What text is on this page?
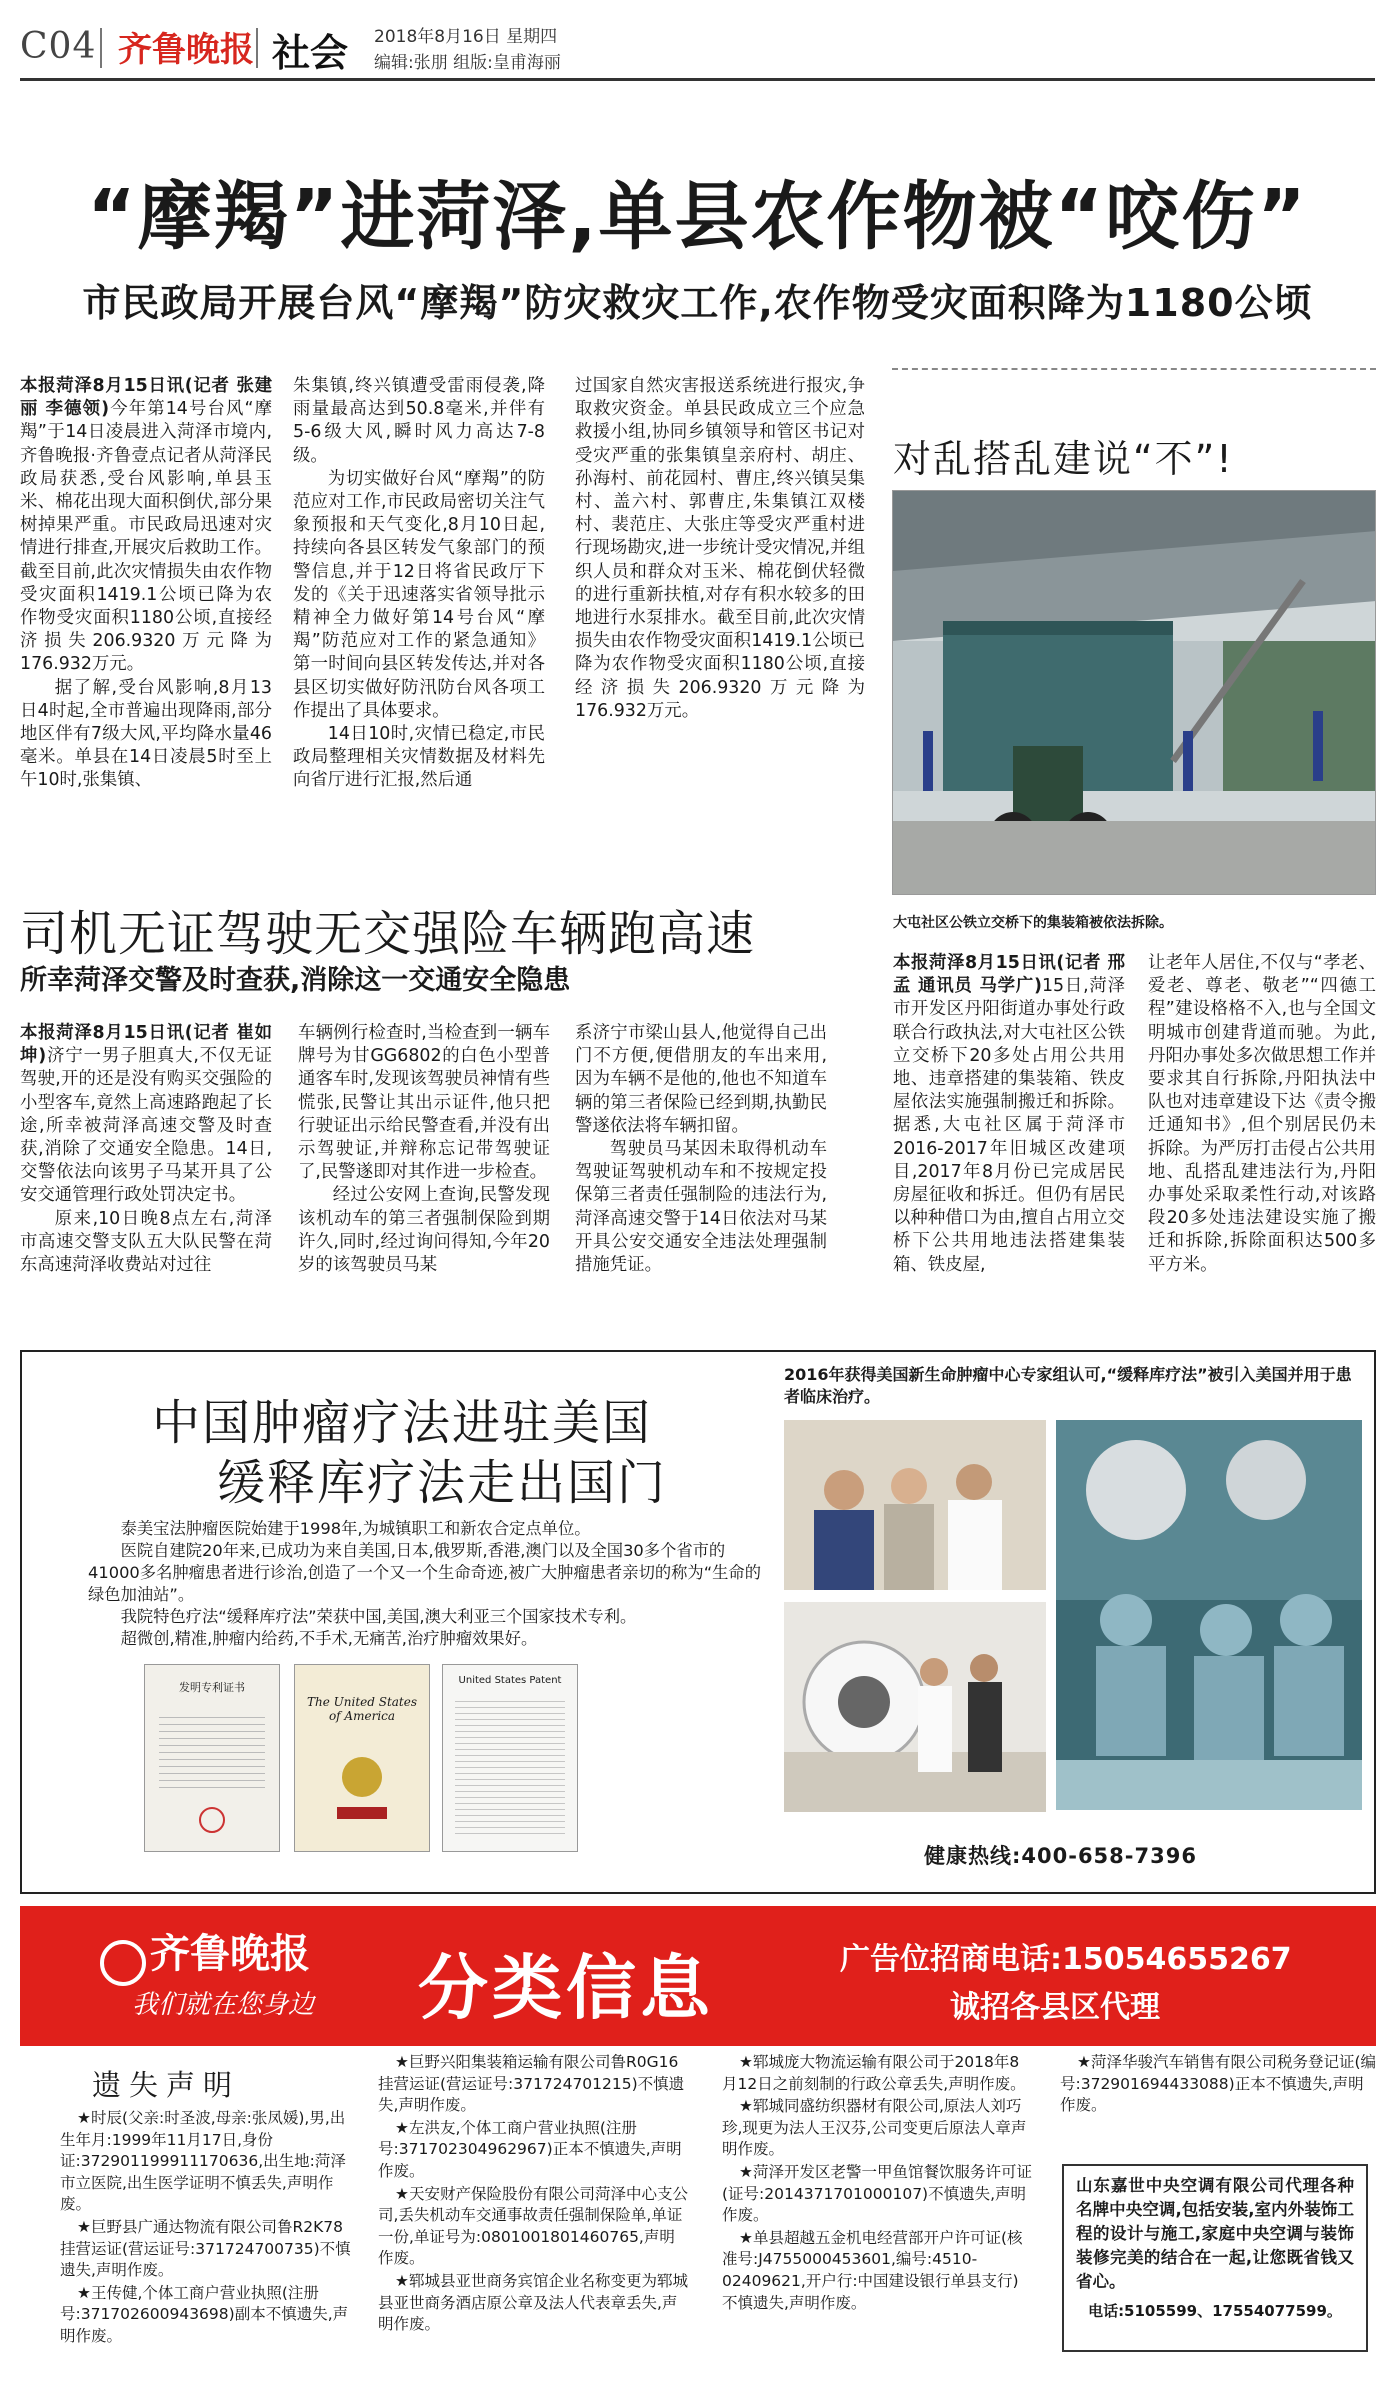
C04 齐鲁晚报 社会 2018年8月16日 星期四
编辑:张朋 组版:皇甫海丽
“摩羯”进菏泽,单县农作物被“咬伤”
市民政局开展台风“摩羯”防灾救灾工作,农作物受灾面积降为1180公顷

本报菏泽8月15日讯(记者 张建丽 李德领)今年第14号台风“摩羯”于14日凌晨进入菏泽市境内,齐鲁晚报·齐鲁壹点记者从菏泽民政局获悉,受台风影响,单县玉米、棉花出现大面积倒伏,部分果树掉果严重。市民政局迅速对灾情进行排查,开展灾后救助工作。截至目前,此次灾情损失由农作物受灾面积1419.1公顷已降为农作物受灾面积1180公顷,直接经济损失206.9320万元降为176.932万元。

据了解,受台风影响,8月13日4时起,全市普遍出现降雨,部分地区伴有7级大风,平均降水量46毫米。单县在14日凌晨5时至上午10时,张集镇、

朱集镇,终兴镇遭受雷雨侵袭,降雨量最高达到50.8毫米,并伴有5-6级大风,瞬时风力高达7-8级。

为切实做好台风“摩羯”的防范应对工作,市民政局密切关注气象预报和天气变化,8月10日起,持续向各县区转发气象部门的预警信息,并于12日将省民政厅下发的《关于迅速落实省领导批示精神全力做好第14号台风“摩羯”防范应对工作的紧急通知》第一时间向县区转发传达,并对各县区切实做好防汛防台风各项工作提出了具体要求。

14日10时,灾情已稳定,市民政局整理相关灾情数据及材料先向省厅进行汇报,然后通

过国家自然灾害报送系统进行报灾,争取救灾资金。单县民政成立三个应急救援小组,协同乡镇领导和管区书记对受灾严重的张集镇皇亲府村、胡庄、孙海村、前花园村、曹庄,终兴镇吴集村、盖六村、郭曹庄,朱集镇江双楼村、裴范庄、大张庄等受灾严重村进行现场勘灾,进一步统计受灾情况,并组织人员和群众对玉米、棉花倒伏轻微的进行重新扶植,对存有积水较多的田地进行水泵排水。截至目前,此次灾情损失由农作物受灾面积1419.1公顷已降为农作物受灾面积1180公顷,直接经济损失206.9320万元降为176.932万元。

对乱搭乱建说“不”!
大屯社区公铁立交桥下的集装箱被依法拆除。

本报菏泽8月15日讯(记者 邢孟 通讯员 马学广)15日,菏泽市开发区丹阳街道办事处行政联合行政执法,对大屯社区公铁立交桥下20多处占用公共用地、违章搭建的集装箱、铁皮屋依法实施强制搬迁和拆除。据悉,大屯社区属于菏泽市2016-2017年旧城区改建项目,2017年8月份已完成居民房屋征收和拆迁。但仍有居民以种种借口为由,擅自占用立交桥下公共用地违法搭建集装箱、铁皮屋,

让老年人居住,不仅与“孝老、爱老、尊老、敬老”“四德工程”建设格格不入,也与全国文明城市创建背道而驰。为此,丹阳办事处多次做思想工作并要求其自行拆除,丹阳执法中队也对违章建设下达《责令搬迁通知书》,但个别居民仍未拆除。为严厉打击侵占公共用地、乱搭乱建违法行为,丹阳办事处采取柔性行动,对该路段20多处违法建设实施了搬迁和拆除,拆除面积达500多平方米。

司机无证驾驶无交强险车辆跑高速
所幸菏泽交警及时查获,消除这一交通安全隐患

本报菏泽8月15日讯(记者 崔如坤)济宁一男子胆真大,不仅无证驾驶,开的还是没有购买交强险的小型客车,竟然上高速路跑起了长途,所幸被菏泽高速交警及时查获,消除了交通安全隐患。14日,交警依法向该男子马某开具了公安交通管理行政处罚决定书。

原来,10日晚8点左右,菏泽市高速交警支队五大队民警在菏东高速菏泽收费站对过往

车辆例行检查时,当检查到一辆车牌号为甘GG6802的白色小型普通客车时,发现该驾驶员神情有些慌张,民警让其出示证件,他只把行驶证出示给民警查看,并没有出示驾驶证,并辩称忘记带驾驶证了,民警遂即对其作进一步检查。

经过公安网上查询,民警发现该机动车的第三者强制保险到期许久,同时,经过询问得知,今年20岁的该驾驶员马某

系济宁市梁山县人,他觉得自己出门不方便,便借朋友的车出来用,因为车辆不是他的,他也不知道车辆的第三者保险已经到期,执勤民警遂依法将车辆扣留。

驾驶员马某因未取得机动车驾驶证驾驶机动车和不按规定投保第三者责任强制险的违法行为,菏泽高速交警于14日依法对马某开具公安交通安全违法处理强制措施凭证。

中国肿瘤疗法进驻美国
缓释库疗法走出国门

泰美宝法肿瘤医院始建于1998年,为城镇职工和新农合定点单位。

医院自建院20年来,已成功为来自美国,日本,俄罗斯,香港,澳门以及全国30多个省市的41000多名肿瘤患者进行诊治,创造了一个又一个生命奇迹,被广大肿瘤患者亲切的称为“生命的绿色加油站”。

我院特色疗法“缓释库疗法”荣获中国,美国,澳大利亚三个国家技术专利。

超微创,精准,肿瘤内给药,不手术,无痛苦,治疗肿瘤效果好。

发明专利证书
The United States of America
United States Patent
2016年获得美国新生命肿瘤中心专家组认可,“缓释库疗法”被引入美国并用于患者临床治疗。
健康热线:400-658-7396
齐鲁晚报
我们就在您身边 分类信息	广告位招商电话:15054655267
诚招各县区代理
遗失声明

★时辰(父亲:时圣波,母亲:张凤媛),男,出生年月:1999年11月17日,身份证:372901199911170636,出生地:菏泽市立医院,出生医学证明不慎丢失,声明作废。

★巨野县广通达物流有限公司鲁R2K78挂营运证(营运证号:371724700735)不慎遗失,声明作废。

★王传健,个体工商户营业执照(注册号:371702600943698)副本不慎遗失,声明作废。

★巨野兴阳集装箱运输有限公司鲁R0G16挂营运证(营运证号:371724701215)不慎遗失,声明作废。

★左洪友,个体工商户营业执照(注册号:371702304962967)正本不慎遗失,声明作废。

★天安财产保险股份有限公司菏泽中心支公司,丢失机动车交通事故责任强制保险单,单证一份,单证号为:0801001801460765,声明作废。

★郓城县亚世商务宾馆企业名称变更为郓城县亚世商务酒店原公章及法人代表章丢失,声明作废。

★郓城庞大物流运输有限公司于2018年8月12日之前刻制的行政公章丢失,声明作废。

★郓城同盛纺织器材有限公司,原法人刘巧珍,现更为法人王汉芬,公司变更后原法人章声明作废。

★菏泽开发区老警一甲鱼馆餐饮服务许可证(证号:2014371701000107)不慎遗失,声明作废。

★单县超越五金机电经营部开户许可证(核准号:J4755000453601,编号:4510-02409621,开户行:中国建设银行单县支行)不慎遗失,声明作废。

★菏泽华骏汽车销售有限公司税务登记证(编号:372901694433088)正本不慎遗失,声明作废。

山东嘉世中央空调有限公司代理各种名牌中央空调,包括安装,室内外装饰工程的设计与施工,家庭中央空调与装饰装修完美的结合在一起,让您既省钱又省心。
电话:5105599、17554077599。
